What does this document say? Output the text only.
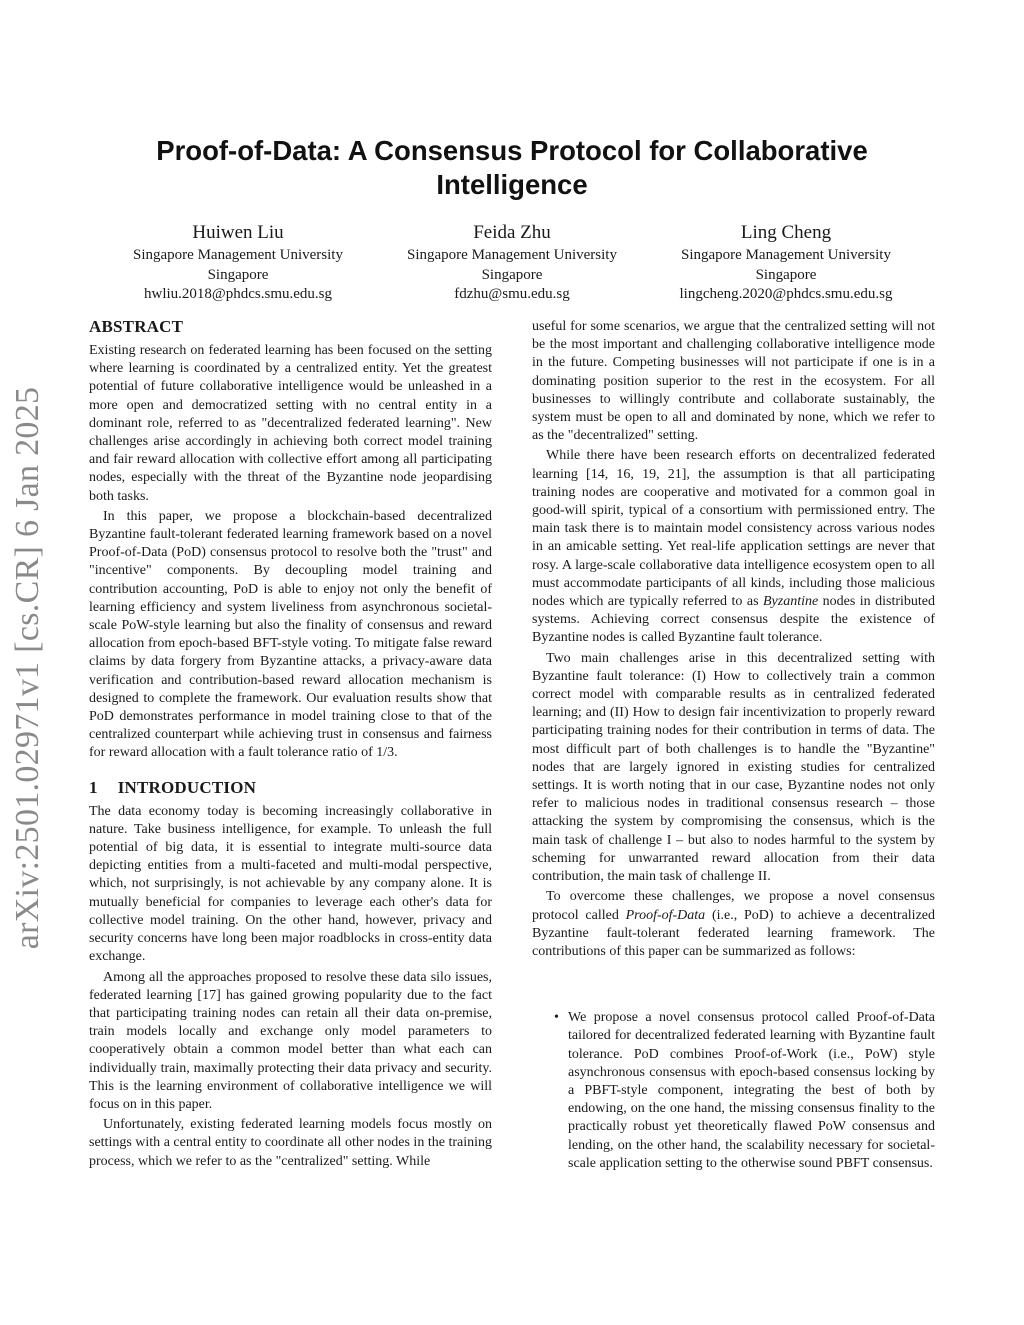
arXiv:2501.02971v1 [cs.CR] 6 Jan 2025
Proof-of-Data: A Consensus Protocol for Collaborative Intelligence
Huiwen Liu
Singapore Management University
Singapore
hwliu.2018@phdcs.smu.edu.sg
Feida Zhu
Singapore Management University
Singapore
fdzhu@smu.edu.sg
Ling Cheng
Singapore Management University
Singapore
lingcheng.2020@phdcs.smu.edu.sg
ABSTRACT

Existing research on federated learning has been focused on the setting where learning is coordinated by a centralized entity. Yet the greatest potential of future collaborative intelligence would be unleashed in a more open and democratized setting with no central entity in a dominant role, referred to as "decentralized federated learning". New challenges arise accordingly in achieving both correct model training and fair reward allocation with collective effort among all participating nodes, especially with the threat of the Byzantine node jeopardising both tasks.

In this paper, we propose a blockchain-based decentralized Byzantine fault-tolerant federated learning framework based on a novel Proof-of-Data (PoD) consensus protocol to resolve both the "trust" and "incentive" components. By decoupling model training and contribution accounting, PoD is able to enjoy not only the benefit of learning efficiency and system liveliness from asynchronous societal-scale PoW-style learning but also the finality of consensus and reward allocation from epoch-based BFT-style voting. To mitigate false reward claims by data forgery from Byzantine attacks, a privacy-aware data verification and contribution-based reward allocation mechanism is designed to complete the framework. Our evaluation results show that PoD demonstrates performance in model training close to that of the centralized counterpart while achieving trust in consensus and fairness for reward allocation with a fault tolerance ratio of 1/3.

1 INTRODUCTION

The data economy today is becoming increasingly collaborative in nature. Take business intelligence, for example. To unleash the full potential of big data, it is essential to integrate multi-source data depicting entities from a multi-faceted and multi-modal perspective, which, not surprisingly, is not achievable by any company alone. It is mutually beneficial for companies to leverage each other's data for collective model training. On the other hand, however, privacy and security concerns have long been major roadblocks in cross-entity data exchange.

Among all the approaches proposed to resolve these data silo issues, federated learning [17] has gained growing popularity due to the fact that participating training nodes can retain all their data on-premise, train models locally and exchange only model parameters to cooperatively obtain a common model better than what each can individually train, maximally protecting their data privacy and security. This is the learning environment of collaborative intelligence we will focus on in this paper.

Unfortunately, existing federated learning models focus mostly on settings with a central entity to coordinate all other nodes in the training process, which we refer to as the "centralized" setting. While

useful for some scenarios, we argue that the centralized setting will not be the most important and challenging collaborative intelligence mode in the future. Competing businesses will not participate if one is in a dominating position superior to the rest in the ecosystem. For all businesses to willingly contribute and collaborate sustainably, the system must be open to all and dominated by none, which we refer to as the "decentralized" setting.

While there have been research efforts on decentralized federated learning [14, 16, 19, 21], the assumption is that all participating training nodes are cooperative and motivated for a common goal in good-will spirit, typical of a consortium with permissioned entry. The main task there is to maintain model consistency across various nodes in an amicable setting. Yet real-life application settings are never that rosy. A large-scale collaborative data intelligence ecosystem open to all must accommodate participants of all kinds, including those malicious nodes which are typically referred to as Byzantine nodes in distributed systems. Achieving correct consensus despite the existence of Byzantine nodes is called Byzantine fault tolerance.

Two main challenges arise in this decentralized setting with Byzantine fault tolerance: (I) How to collectively train a common correct model with comparable results as in centralized federated learning; and (II) How to design fair incentivization to properly reward participating training nodes for their contribution in terms of data. The most difficult part of both challenges is to handle the "Byzantine" nodes that are largely ignored in existing studies for centralized settings. It is worth noting that in our case, Byzantine nodes not only refer to malicious nodes in traditional consensus research – those attacking the system by compromising the consensus, which is the main task of challenge I – but also to nodes harmful to the system by scheming for unwarranted reward allocation from their data contribution, the main task of challenge II.

To overcome these challenges, we propose a novel consensus protocol called Proof-of-Data (i.e., PoD) to achieve a decentralized Byzantine fault-tolerant federated learning framework. The contributions of this paper can be summarized as follows:

• We propose a novel consensus protocol called Proof-of-Data tailored for decentralized federated learning with Byzantine fault tolerance. PoD combines Proof-of-Work (i.e., PoW) style asynchronous consensus with epoch-based consensus locking by a PBFT-style component, integrating the best of both by endowing, on the one hand, the missing consensus finality to the practically robust yet theoretically flawed PoW consensus and lending, on the other hand, the scalability necessary for societal-scale application setting to the otherwise sound PBFT consensus.
